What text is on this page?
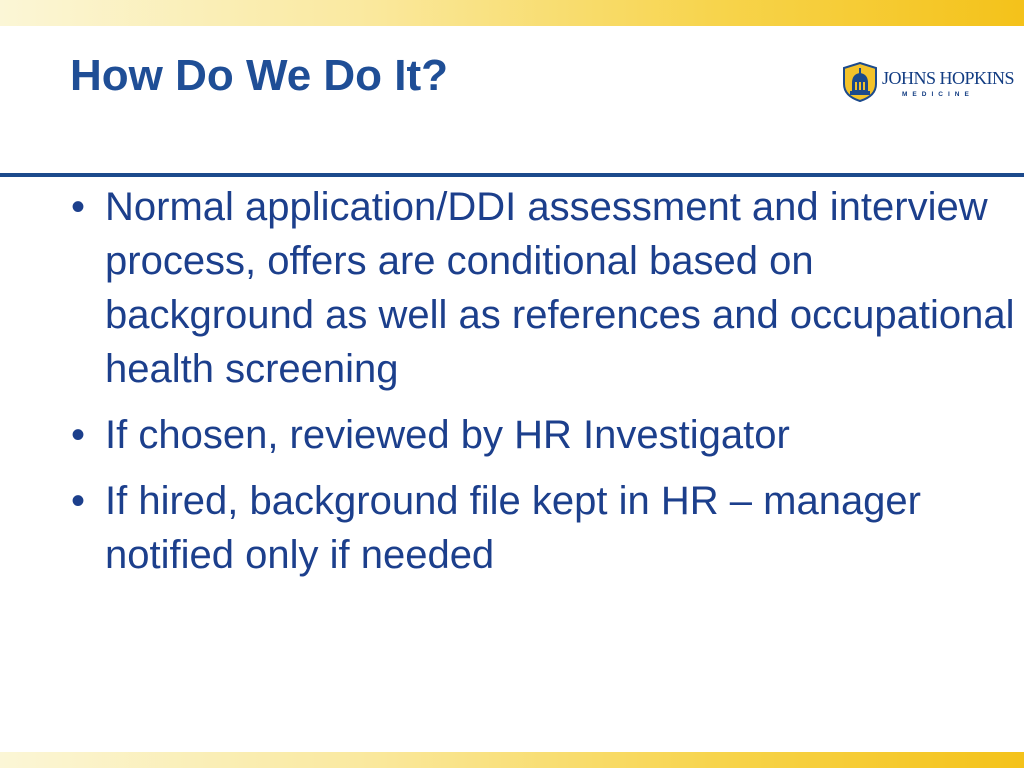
How Do We Do It?	JOHNS HOPKINS
MEDICINE
• Normal application/DDI assessment and interview process, offers are conditional based on background as well as references and occupational health screening
• If chosen, reviewed by HR Investigator
• If hired, background file kept in HR – manager notified only if needed
